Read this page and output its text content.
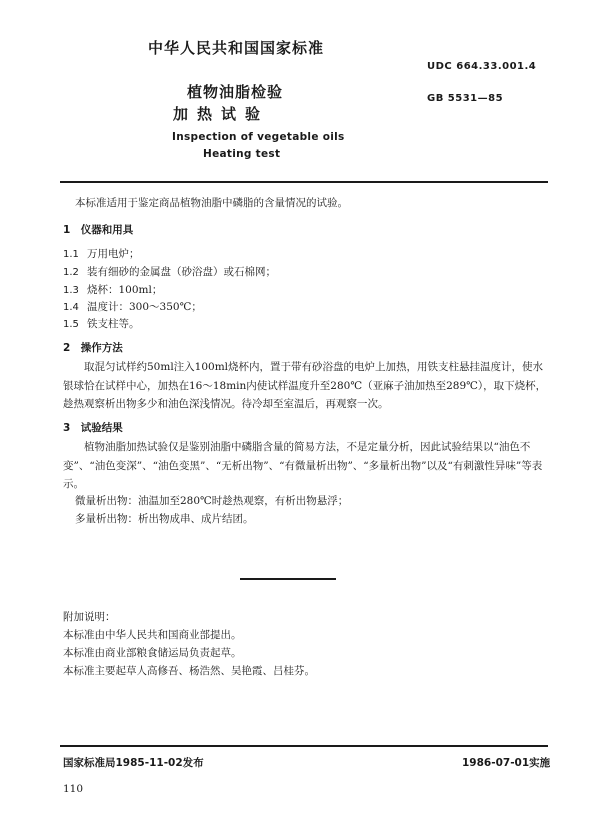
中华人民共和国国家标准
UDC 664.33.001.4
GB 5531—85
植物油脂检验
加热试验
Inspection of vegetable oils
Heating test
本标准适用于鉴定商品植物油脂中磷脂的含量情况的试验。
1　仪器和用具
1.1 万用电炉；
1.2 装有细砂的金属盘（砂浴盘）或石棉网；
1.3 烧杯：100ml；
1.4 温度计：300～350℃；
1.5 铁支柱等。
2　操作方法
取混匀试样约50ml注入100ml烧杯内，置于带有砂浴盘的电炉上加热，用铁支柱悬挂温度计，使水银球恰在试样中心，加热在16～18min内使试样温度升至280℃（亚麻子油加热至289℃），取下烧杯，趁热观察析出物多少和油色深浅情况。待冷却至室温后，再观察一次。
3　试验结果
植物油脂加热试验仅是鉴别油脂中磷脂含量的简易方法，不是定量分析，因此试验结果以“油色不变”、“油色变深”、“油色变黑”、“无析出物”、“有微量析出物”、“多量析出物”以及“有刺激性异味”等表示。
微量析出物：油温加至280℃时趁热观察，有析出物悬浮；
多量析出物：析出物成串、成片结团。
附加说明：
本标准由中华人民共和国商业部提出。
本标准由商业部粮食储运局负责起草。
本标准主要起草人高修吾、杨浩然、吴艳霞、吕桂芬。
国家标准局1985-11-02发布	1986-07-01实施
110
